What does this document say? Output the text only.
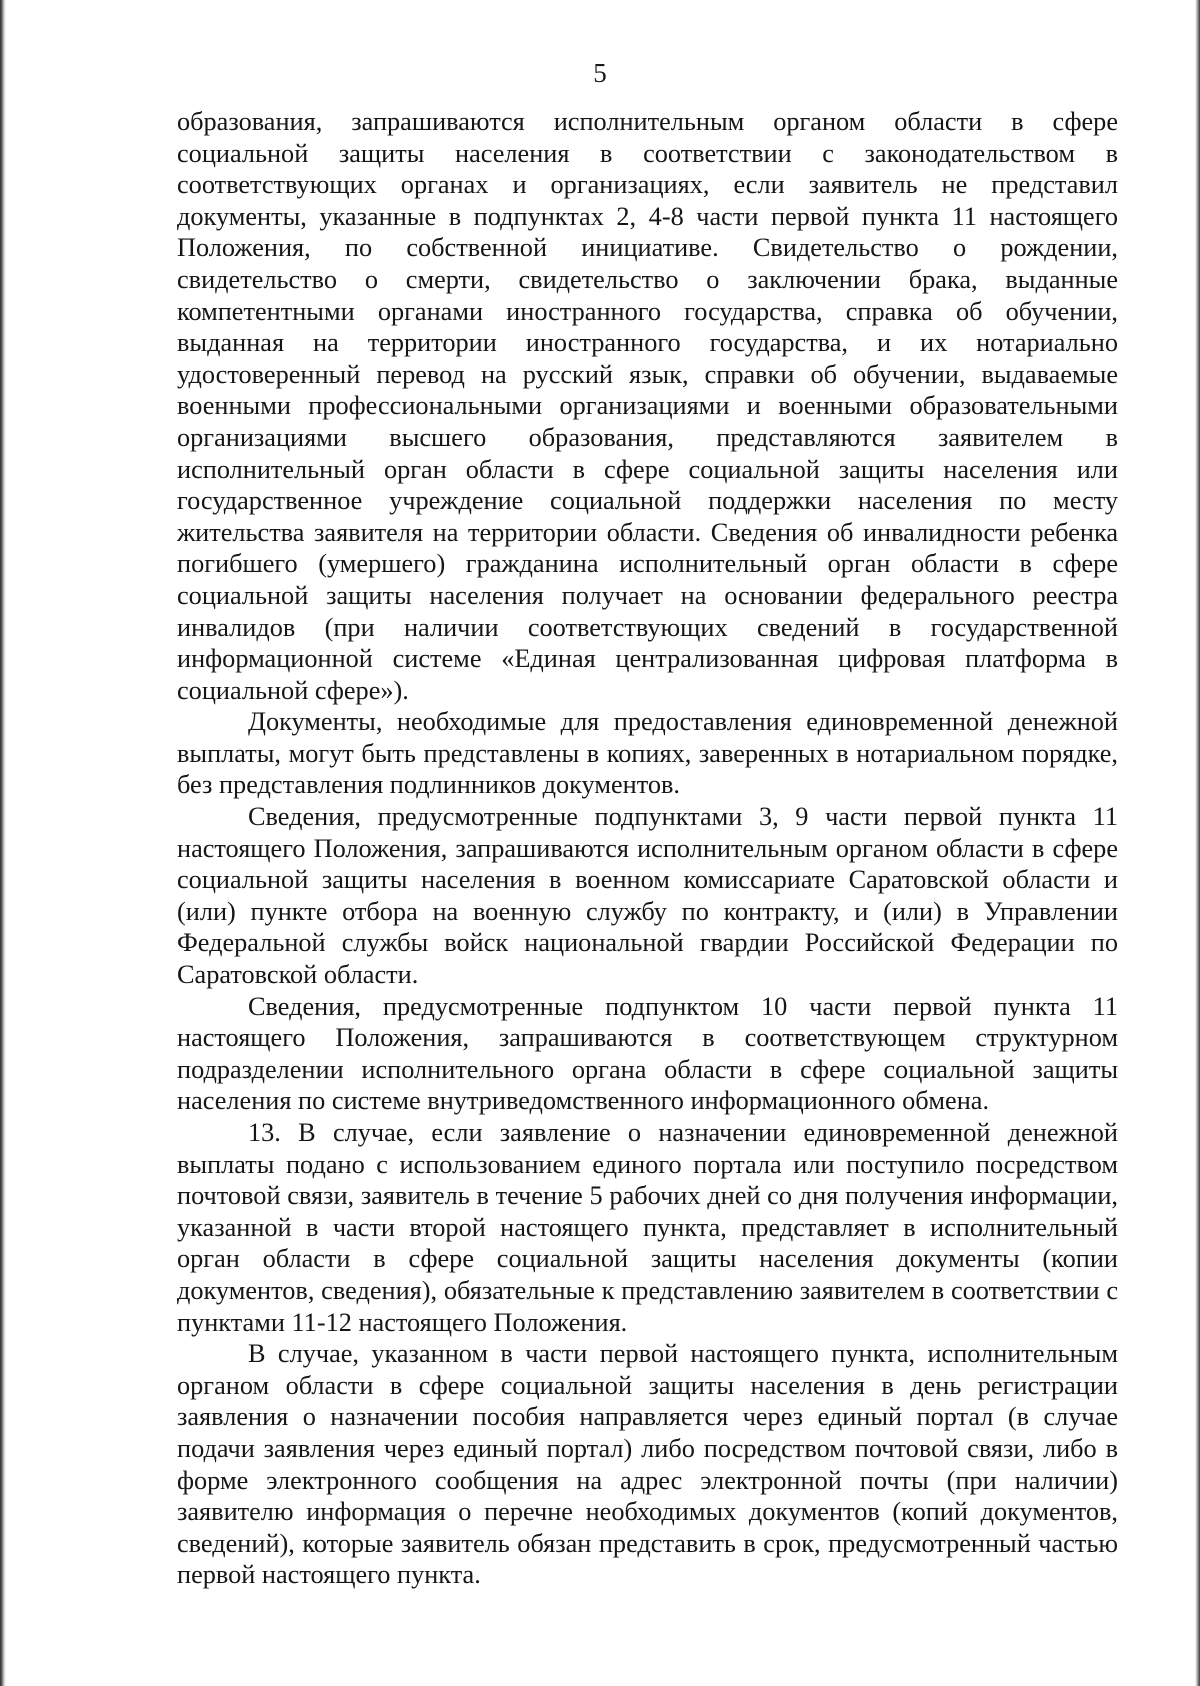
5

образования, запрашиваются исполнительным органом области в сфере социальной защиты населения в соответствии с законодательством в соответствующих органах и организациях, если заявитель не представил документы, указанные в подпунктах 2, 4-8 части первой пункта 11 настоящего Положения, по собственной инициативе. Свидетельство о рождении, свидетельство о смерти, свидетельство о заключении брака, выданные компетентными органами иностранного государства, справка об обучении, выданная на территории иностранного государства, и их нотариально удостоверенный перевод на русский язык, справки об обучении, выдаваемые военными профессиональными организациями и военными образовательными организациями высшего образования, представляются заявителем в исполнительный орган области в сфере социальной защиты населения или государственное учреждение социальной поддержки населения по месту жительства заявителя на территории области. Сведения об инвалидности ребенка погибшего (умершего) гражданина исполнительный орган области в сфере социальной защиты населения получает на основании федерального реестра инвалидов (при наличии соответствующих сведений в государственной информационной системе «Единая централизованная цифровая платформа в социальной сфере»).

Документы, необходимые для предоставления единовременной денежной выплаты, могут быть представлены в копиях, заверенных в нотариальном порядке, без представления подлинников документов.

Сведения, предусмотренные подпунктами 3, 9 части первой пункта 11 настоящего Положения, запрашиваются исполнительным органом области в сфере социальной защиты населения в военном комиссариате Саратовской области и (или) пункте отбора на военную службу по контракту, и (или) в Управлении Федеральной службы войск национальной гвардии Российской Федерации по Саратовской области.

Сведения, предусмотренные подпунктом 10 части первой пункта 11 настоящего Положения, запрашиваются в соответствующем структурном подразделении исполнительного органа области в сфере социальной защиты населения по системе внутриведомственного информационного обмена.

13. В случае, если заявление о назначении единовременной денежной выплаты подано с использованием единого портала или поступило посредством почтовой связи, заявитель в течение 5 рабочих дней со дня получения информации, указанной в части второй настоящего пункта, представляет в исполнительный орган области в сфере социальной защиты населения документы (копии документов, сведения), обязательные к представлению заявителем в соответствии с пунктами 11-12 настоящего Положения.

В случае, указанном в части первой настоящего пункта, исполнительным органом области в сфере социальной защиты населения в день регистрации заявления о назначении пособия направляется через единый портал (в случае подачи заявления через единый портал) либо посредством почтовой связи, либо в форме электронного сообщения на адрес электронной почты (при наличии) заявителю информация о перечне необходимых документов (копий документов, сведений), которые заявитель обязан представить в срок, предусмотренный частью первой настоящего пункта.
